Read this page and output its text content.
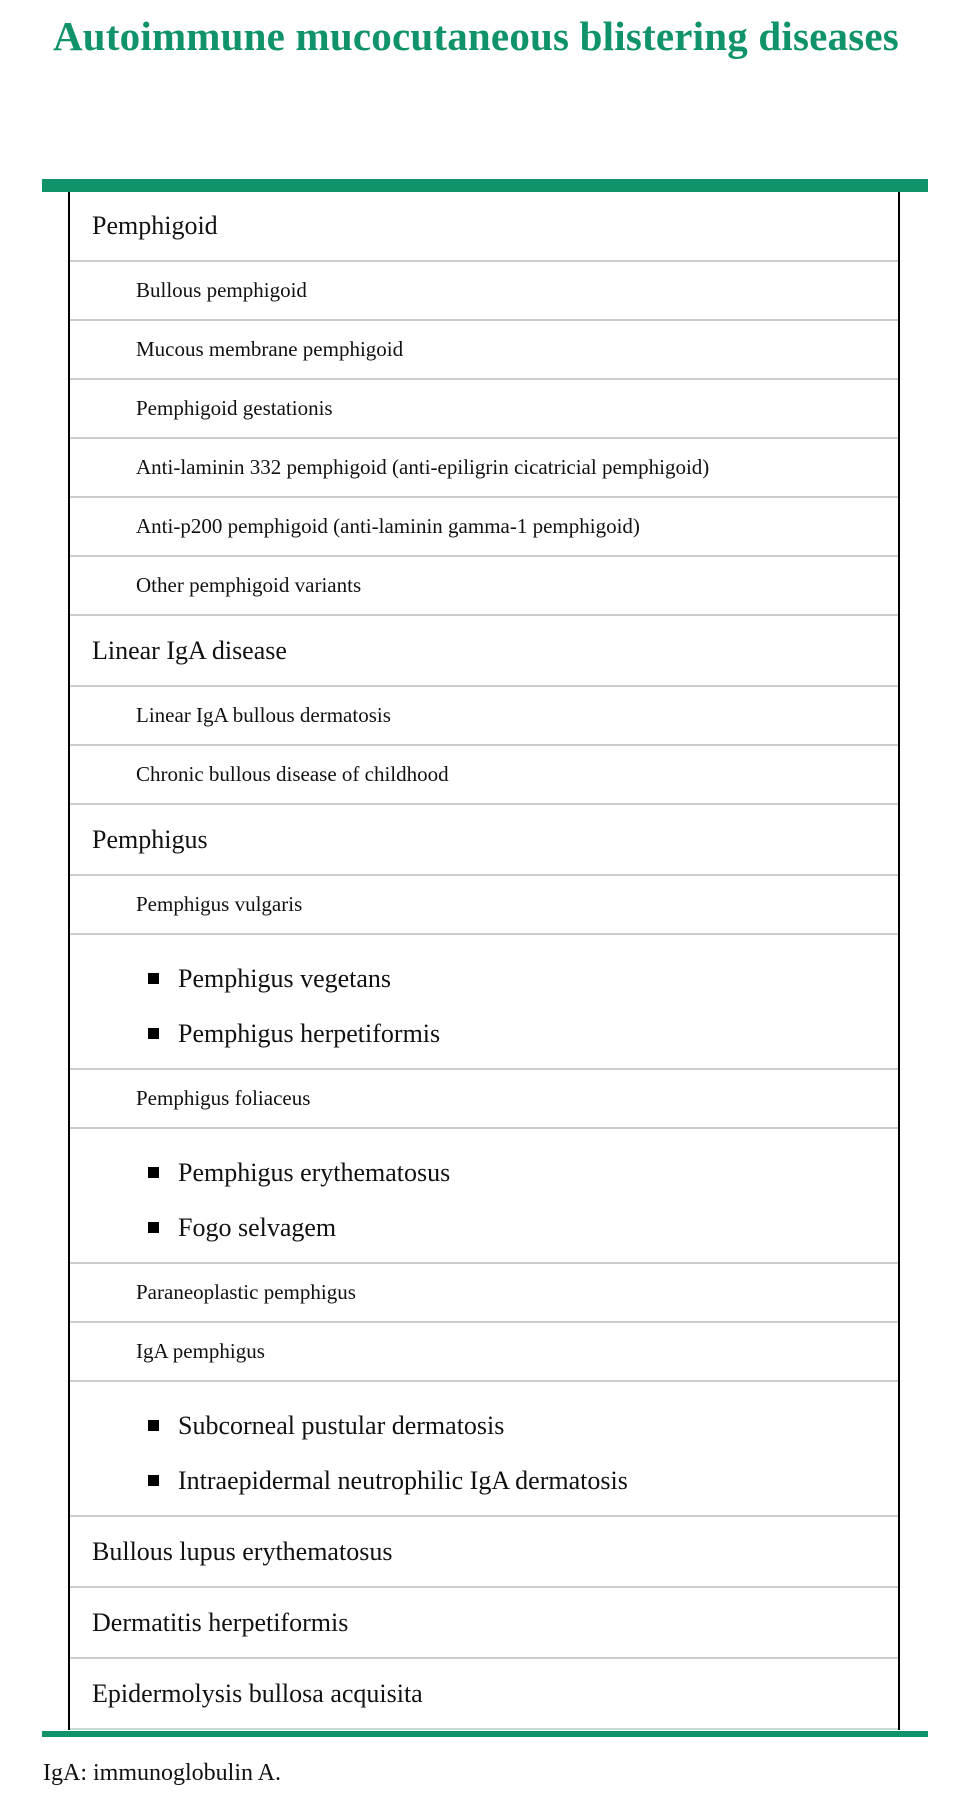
Autoimmune mucocutaneous blistering diseases
Pemphigoid
Bullous pemphigoid
Mucous membrane pemphigoid
Pemphigoid gestationis
Anti-laminin 332 pemphigoid (anti-epiligrin cicatricial pemphigoid)
Anti-p200 pemphigoid (anti-laminin gamma-1 pemphigoid)
Other pemphigoid variants
Linear IgA disease
Linear IgA bullous dermatosis
Chronic bullous disease of childhood
Pemphigus
Pemphigus vulgaris
Pemphigus vegetans
Pemphigus herpetiformis
Pemphigus foliaceus
Pemphigus erythematosus
Fogo selvagem
Paraneoplastic pemphigus
IgA pemphigus
Subcorneal pustular dermatosis
Intraepidermal neutrophilic IgA dermatosis
Bullous lupus erythematosus
Dermatitis herpetiformis
Epidermolysis bullosa acquisita
IgA: immunoglobulin A.
